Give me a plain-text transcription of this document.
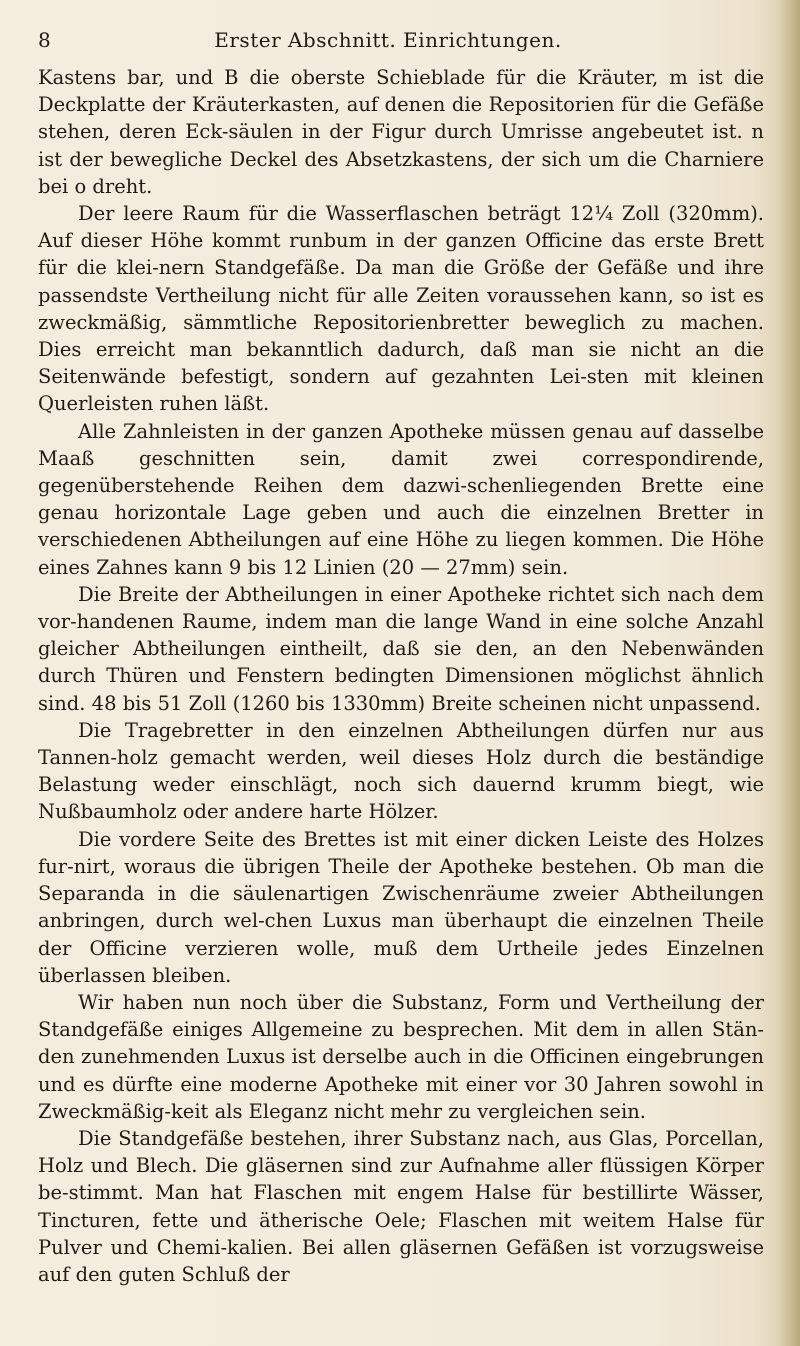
8	Erster Abschnitt. Einrichtungen.

Kastens bar, und B die oberste Schieblade für die Kräuter, m ist die Deckplatte der Kräuterkasten, auf denen die Repositorien für die Gefäße stehen, deren Eck-säulen in der Figur durch Umrisse angebeutet ist. n ist der bewegliche Deckel des Absetzkastens, der sich um die Charniere bei o dreht.

Der leere Raum für die Wasserflaschen beträgt 12¼ Zoll (320mm). Auf dieser Höhe kommt runbum in der ganzen Officine das erste Brett für die klei-nern Standgefäße. Da man die Größe der Gefäße und ihre passendste Vertheilung nicht für alle Zeiten voraussehen kann, so ist es zweckmäßig, sämmtliche Repositorienbretter beweglich zu machen. Dies erreicht man bekanntlich dadurch, daß man sie nicht an die Seitenwände befestigt, sondern auf gezahnten Lei-sten mit kleinen Querleisten ruhen läßt.

Alle Zahnleisten in der ganzen Apotheke müssen genau auf dasselbe Maaß geschnitten sein, damit zwei correspondirende, gegenüberstehende Reihen dem dazwi-schenliegenden Brette eine genau horizontale Lage geben und auch die einzelnen Bretter in verschiedenen Abtheilungen auf eine Höhe zu liegen kommen. Die Höhe eines Zahnes kann 9 bis 12 Linien (20 — 27mm) sein.

Die Breite der Abtheilungen in einer Apotheke richtet sich nach dem vor-handenen Raume, indem man die lange Wand in eine solche Anzahl gleicher Abtheilungen eintheilt, daß sie den, an den Nebenwänden durch Thüren und Fenstern bedingten Dimensionen möglichst ähnlich sind. 48 bis 51 Zoll (1260 bis 1330mm) Breite scheinen nicht unpassend.

Die Tragebretter in den einzelnen Abtheilungen dürfen nur aus Tannen-holz gemacht werden, weil dieses Holz durch die beständige Belastung weder einschlägt, noch sich dauernd krumm biegt, wie Nußbaumholz oder andere harte Hölzer.

Die vordere Seite des Brettes ist mit einer dicken Leiste des Holzes fur-nirt, woraus die übrigen Theile der Apotheke bestehen. Ob man die Separanda in die säulenartigen Zwischenräume zweier Abtheilungen anbringen, durch wel-chen Luxus man überhaupt die einzelnen Theile der Officine verzieren wolle, muß dem Urtheile jedes Einzelnen überlassen bleiben.

Wir haben nun noch über die Substanz, Form und Vertheilung der Standgefäße einiges Allgemeine zu besprechen. Mit dem in allen Stän-den zunehmenden Luxus ist derselbe auch in die Officinen eingebrungen und es dürfte eine moderne Apotheke mit einer vor 30 Jahren sowohl in Zweckmäßig-keit als Eleganz nicht mehr zu vergleichen sein.

Die Standgefäße bestehen, ihrer Substanz nach, aus Glas, Porcellan, Holz und Blech. Die gläsernen sind zur Aufnahme aller flüssigen Körper be-stimmt. Man hat Flaschen mit engem Halse für bestillirte Wässer, Tincturen, fette und ätherische Oele; Flaschen mit weitem Halse für Pulver und Chemi-kalien. Bei allen gläsernen Gefäßen ist vorzugsweise auf den guten Schluß der
